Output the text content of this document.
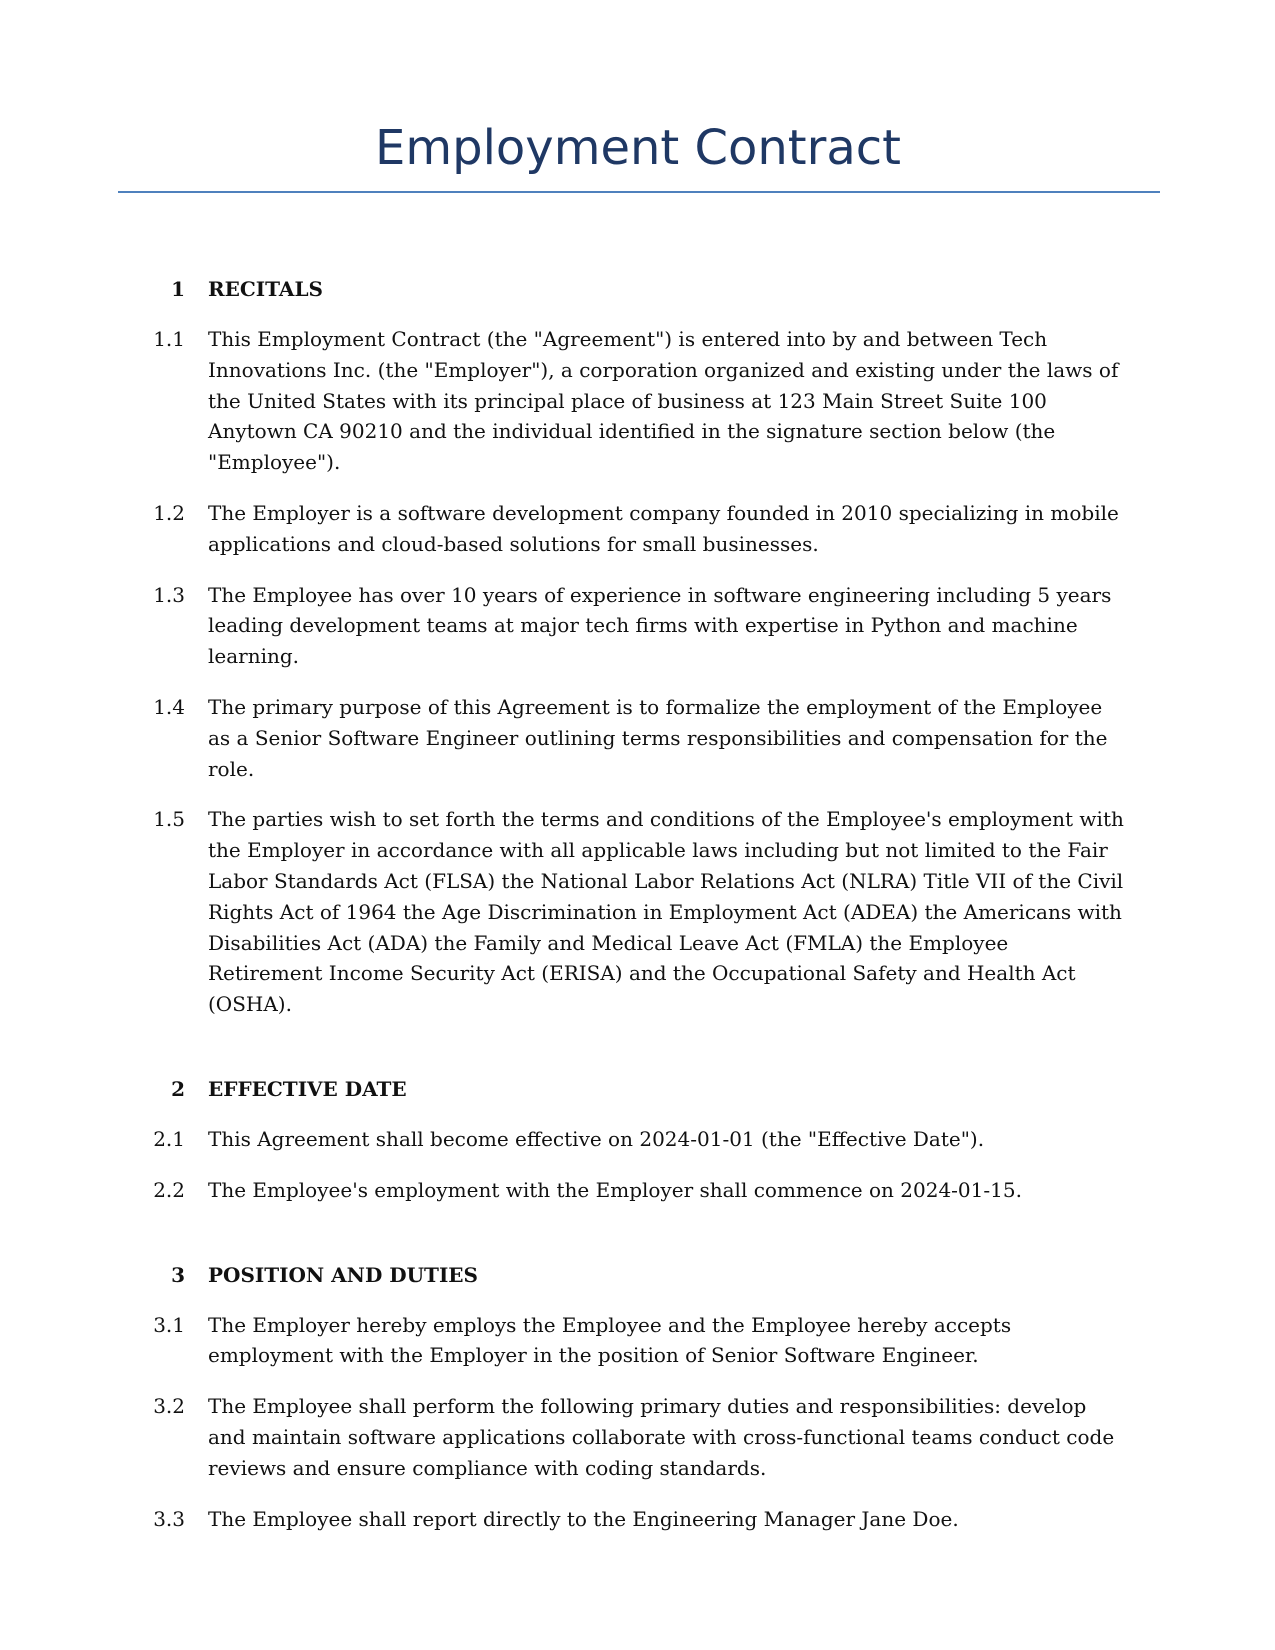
Employment Contract
1 RECITALS
1.1 This Employment Contract (the "Agreement") is entered into by and between Tech Innovations Inc. (the "Employer"), a corporation organized and existing under the laws of the United States with its principal place of business at 123 Main Street Suite 100 Anytown CA 90210 and the individual identified in the signature section below (the "Employee").

1.2 The Employer is a software development company founded in 2010 specializing in mobile applications and cloud-based solutions for small businesses.

1.3 The Employee has over 10 years of experience in software engineering including 5 years leading development teams at major tech firms with expertise in Python and machine learning.

1.4 The primary purpose of this Agreement is to formalize the employment of the Employee as a Senior Software Engineer outlining terms responsibilities and compensation for the role.

1.5 The parties wish to set forth the terms and conditions of the Employee's employment with the Employer in accordance with all applicable laws including but not limited to the Fair Labor Standards Act (FLSA) the National Labor Relations Act (NLRA) Title VII of the Civil Rights Act of 1964 the Age Discrimination in Employment Act (ADEA) the Americans with Disabilities Act (ADA) the Family and Medical Leave Act (FMLA) the Employee Retirement Income Security Act (ERISA) and the Occupational Safety and Health Act (OSHA).

2 EFFECTIVE DATE
2.1 This Agreement shall become effective on 2024-01-01 (the "Effective Date").

2.2 The Employee's employment with the Employer shall commence on 2024-01-15.

3 POSITION AND DUTIES
3.1 The Employer hereby employs the Employee and the Employee hereby accepts employment with the Employer in the position of Senior Software Engineer.

3.2 The Employee shall perform the following primary duties and responsibilities: develop and maintain software applications collaborate with cross-functional teams conduct code reviews and ensure compliance with coding standards.

3.3 The Employee shall report directly to the Engineering Manager Jane Doe.
